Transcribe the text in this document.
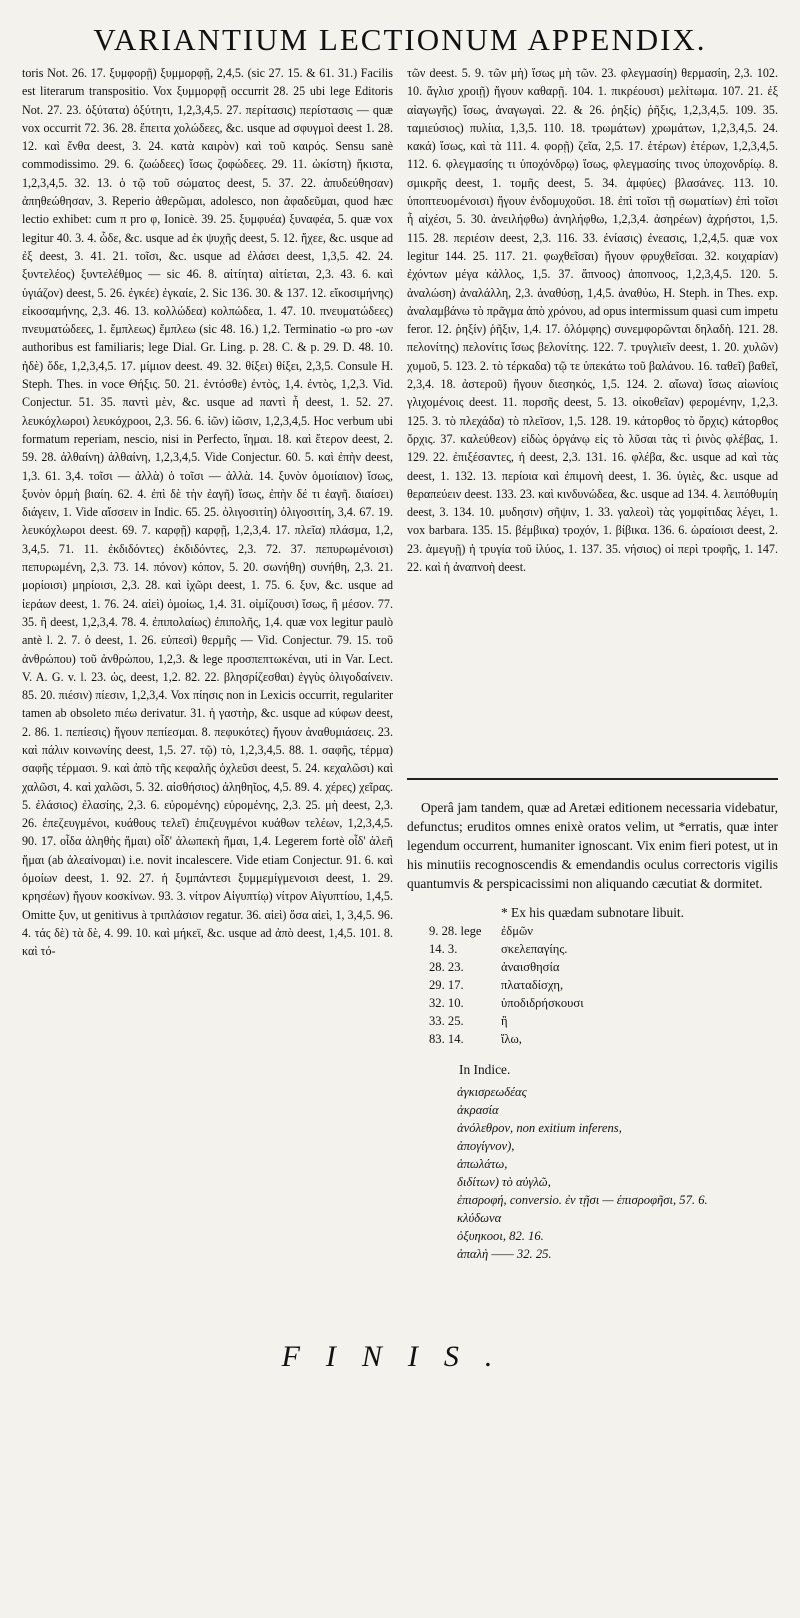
VARIANTIUM LECTIONUM APPENDIX.

toris Not. 26. 17. ξυμφορῇ) ξυμμορφῇ, 2,4,5. (sic 27. 15. & 61. 31.) Facilis est literarum transpositio. Vox ξυμμορφῇ occurrit 28. 25 ubi lege Editoris Not. 27. 23. ὀξύτατα) ὀξύτητι, 1,2,3,4,5. 27. περίτασις) περίστασις — quæ vox occurrit 72. 36. 28. ἔπειτα χολώδεες, &c. usque ad σφυγμοὶ deest 1. 28. 12. καὶ ἔνθα deest, 3. 24. κατὰ καιρὸν) καὶ τοῦ καιρός. Sensu sanè commodissimo. 29. 6. ζωώδεες) ἴσως ζοφώδεες. 29. 11. ὠκίστη) ἥκιστα, 1,2,3,4,5. 32. 13. ὁ τῷ τοῦ σώματος deest, 5. 37. 22. ἀπυδεύθησαν) ἀπηθεώθησαν, 3. Reperio ἀθερῶμαι, adolesco, non ἀφαδεῦμαι, quod hæc lectio exhibet: cum π pro φ, Ionicè. 39. 25. ξυμφυέα) ξυναφέα, 5. quæ vox legitur 40. 3. 4. ὧδε, &c. usque ad ἐκ ψυχῆς deest, 5. 12. ἤχεε, &c. usque ad ἐξ deest, 3. 41. 21. τοῖσι, &c. usque ad ἐλάσει deest, 1,3,5. 42. 24. ξυντελέος) ξυντελέθμος — sic 46. 8. αἰτίητα) αἰτίεται, 2,3. 43. 6. καὶ ὑγιάζον) deest, 5. 26. ἐγκέε) ἐγκαίε, 2. Sic 136. 30. & 137. 12. εἴκοσιμήνης) εἰκοσαμήνης, 2,3. 46. 13. κολλώδεα) κολπώδεα, 1. 47. 10. πνευματώδεες) πνευματώδεες, 1. ἔμπλεως) ἔμπλεω (sic 48. 16.) 1,2. Terminatio -ω pro -ων authoribus est familiaris; lege Dial. Gr. Ling. p. 28. C. & p. 29. D. 48. 10. ἠδὲ) ὅδε, 1,2,3,4,5. 17. μίμιον deest. 49. 32. θίξει) θίξει, 2,3,5. Consule H. Steph. Thes. in voce Θήξις. 50. 21. ἐντόσθε) ἐντὸς, 1,4. ἐντὸς, 1,2,3. Vid. Conjectur. 51. 35. παντὶ μὲν, &c. usque ad παντὶ ἦ deest, 1. 52. 27. λευκόχλωροι) λευκόχροοι, 2,3. 56. 6. ἰῶν) ἰῶσιν, 1,2,3,4,5. Hoc verbum ubi formatum reperiam, nescio, nisi in Perfecto, ἴημαι. 18. καὶ ἕτερον deest, 2. 59. 28. ἀλθαίνη) ἀλθαίνη, 1,2,3,4,5. Vide Conjectur. 60. 5. καὶ ἐπὴν deest, 1,3. 61. 3,4. τοῖσι — ἀλλὰ) ὁ τοῖσι — ἀλλὰ. 14. ξυνὸν ὁμοιίαιον) ἴσως, ξυνὸν ὁρμὴ βιαίη. 62. 4. ἐπὶ δὲ τὴν ἐαγῆ) ἴσως, ἐπὴν δέ τι ἐαγῆ. διαίσει) διάγειν, 1. Vide αἴσσειν in Indic. 65. 25. ὀλιγοσιτίη) ὀλιγοσιτίη, 3,4. 67. 19. λευκόχλωροι deest. 69. 7. καρφῇ) καρφῇ, 1,2,3,4. 17. πλεῖα) πλάσμα, 1,2, 3,4,5. 71. 11. ἐκδιδόντες) ἐκδιδόντες, 2,3. 72. 37. πεπυρωμένοισι) πεπυρωμένη, 2,3. 73. 14. πόνον) κόπον, 5. 20. σωνήθη) συνήθη, 2,3. 21. μορίοισι) μηρίοισι, 2,3. 28. καὶ ἰχῶρι deest, 1. 75. 6. ξυν, &c. usque ad ἰεράων deest, 1. 76. 24. αἰεὶ) ὁμοίως, 1,4. 31. οἰμίζουσι) ἴσως, ἢ μέσον. 77. 35. ἢ deest, 1,2,3,4. 78. 4. ἐπιπολαίως) ἐπιπολῆς, 1,4. quæ vox legitur paulò antè l. 2. 7. ὁ deest, 1. 26. εὐπεσὶ) θερμῆς — Vid. Conjectur. 79. 15. τοῦ ἀνθρώπου) τοῦ ἀνθρώπου, 1,2,3. & lege προσπεπτωκέναι, uti in Var. Lect. V. A. G. v. l. 23. ὡς, deest, 1,2. 82. 22. βλησρίζεσθαι) ἐγγὺς ὀλιγοδαίνειν. 85. 20. πιέσιν) πίεσιν, 1,2,3,4. Vox πίησις non in Lexicis occurrit, regulariter tamen ab obsoleto πιέω derivatur. 31. ἡ γαστὴρ, &c. usque ad κύφων deest, 2. 86. 1. πεπίεσις) ἤγουν πεπίεσμαι. 8. πεφυκότες) ἤγουν ἀναθυμιάσεις. 23. καὶ πάλιν κοινωνίης deest, 1,5. 27. τῷ) τὸ, 1,2,3,4,5. 88. 1. σαφῆς, τέρμα) σαφῆς τέρμασι. 9. καὶ ἀπὸ τῆς κεφαλῆς ὀχλεῦσι deest, 5. 24. κεχαλῶσι) καὶ χαλῶσι, 4. καὶ χαλῶσι, 5. 32. αἰσθήσιος) ἀληθηῖος, 4,5. 89. 4. χέρες) χεῖρας. 5. ἐλάσιος) ἐλασίης, 2,3. 6. εὐρομένης) εὑρομένης, 2,3. 25. μὴ deest, 2,3. 26. ἐπεζευγμένοι, κυάθους τελεῖ) ἐπιζευγμένοι κυάθων τελέων, 1,2,3,4,5. 90. 17. οἶδα ἀληθὴς ἥμαι) οἶδ' ἀλωπεκὴ ἥμαι, 1,4. Legerem fortè οἶδ' ἀλεῆ ἥμαι (ab ἀλεαίνομαι) i.e. novit incalescere. Vide etiam Conjectur. 91. 6. καὶ ὁμοίων deest, 1. 92. 27. ἡ ξυμπάντεσι ξυμμεμίγμενοισι deest, 1. 29. κρησέων) ἤγουν κοσκίνων. 93. 3. νίτρον Αἰγυπτίῳ) νίτρον Αἰγυπτίου, 1,4,5. Omitte ξυν, ut genitivus à τριπλάσιον regatur. 36. αἰεὶ) ὅσα αἰεὶ, 1, 3,4,5. 96. 4. τάς δὲ) τὰ δὲ, 4. 99. 10. καὶ μήκεϊ, &c. usque ad ἀπὸ deest, 1,4,5. 101. 8. καὶ τό-

τῶν deest. 5. 9. τῶν μὴ) ἴσως μὴ τῶν. 23. φλεγμασίη) θερμασίη, 2,3. 102. 10. ἄγλισ χροιῇ) ἤγουν καθαρῇ. 104. 1. πικρέουσι) μελίτωμα. 107. 21. ἐξ αἰαγωγῆς) ἴσως, ἀναγωγαὶ. 22. & 26. ῥηξίς) ῥῆξις, 1,2,3,4,5. 109. 35. ταμιεύσιος) πυλίια, 1,3,5. 110. 18. τρωμάτων) χρωμάτων, 1,2,3,4,5. 24. κακά) ἴσως, καὶ τὰ 111. 4. φορῇ) ζεῖα, 2,5. 17. ἑτέρων) ἑτέρων, 1,2,3,4,5. 112. 6. φλεγμασίης τι ὑποχόνδρῳ) ἴσως, φλεγμασίης τινος ὑποχονδρίῳ. 8. σμικρῆς deest, 1. τομῆς deest, 5. 34. ἀμφύες) βλασάνες. 113. 10. ὑποπτευομένοισι) ἤγουν ἐνδομυχοῦσι. 18. ἐπὶ τοῖσι τῇ σωματίων) ἐπὶ τοῖσι ἦ αἰχέσι, 5. 30. ἀνειλήφθω) ἀνηλήφθω, 1,2,3,4. ἀσηρέων) ἀχρήστοι, 1,5. 115. 28. περιέσιν deest, 2,3. 116. 33. ἐνίασις) ἐνεασις, 1,2,4,5. quæ vox legitur 144. 25. 117. 21. φωχθεῖσαι) ἤγουν φρυχθεῖσαι. 32. κοιχαρίαν) ἐχόντων μέγα κάλλος, 1,5. 37. ἄπνοος) ἀποπνοος, 1,2,3,4,5. 120. 5. ἀναλώση) ἀναλάλλη, 2,3. ἀναθύσῃ, 1,4,5. ἀναθύω, H. Steph. in Thes. exp. ἀναλαμβάνω τὸ πρᾶγμα ἀπὸ χρόνου, ad opus intermissum quasi cum impetu feror. 12. ῥηξίν) ῥῆξιν, 1,4. 17. ὁλόμφης) συνεμφορῶνται δηλαδὴ. 121. 28. πελονίτης) πελονίτις ἴσως βελονίτης. 122. 7. τρυγλιεῖν deest, 1. 20. χυλῶν) χυμοῦ, 5. 123. 2. τὸ τέρκαδα) τῷ τε ὑπεκάτω τοῦ βαλάνου. 16. ταθεῖ) βαθεῖ, 2,3,4. 18. ἀστεροῦ) ἤγουν διεσηκός, 1,5. 124. 2. αἴωνα) ἴσως αἰωνίοις γλιχομένοις deest. 11. πορσῆς deest, 5. 13. οἰκοθεῖαν) φερομένην, 1,2,3. 125. 3. τὸ πλεχάδα) τὸ πλεῖσον, 1,5. 128. 19. κάτορθος τὸ ὄρχις) κάτορθος ὄρχις. 37. καλεύθεον) εἰδὼς ὀργάνῳ εἰς τὸ λῦσαι τὰς τὶ ῥινὸς φλέβας, 1. 129. 22. ἐπιξέσαντες, ἡ deest, 2,3. 131. 16. φλέβα, &c. usque ad καὶ τὰς deest, 1. 132. 13. περίοια καὶ ἐπιμονὴ deest, 1. 36. ὑγιὲς, &c. usque ad θεραπεύειν deest. 133. 23. καὶ κινδυνώδεα, &c. usque ad 134. 4. λειπόθυμίη deest, 3. 134. 10. μυδησιν) σῆψιν, 1. 33. γαλεοὶ) τὰς γομφίτιδας λέγει, 1. vox barbara. 135. 15. βέμβικα) τροχόν, 1. βίβικα. 136. 6. ὡραίοισι deest, 2. 23. ἀμεγυῇ) ἡ τρυγία τοῦ ἰλύος, 1. 137. 35. νήσιος) οἱ περὶ τροφῆς, 1. 147. 22. καὶ ἡ ἀναπνοὴ deest.

Operâ jam tandem, quæ ad Aretæi editionem necessaria videbatur, defunctus; eruditos omnes enixè oratos velim, ut *erratis, quæ inter legendum occurrent, humaniter ignoscant. Vix enim fieri potest, ut in his minutiis recognoscendis & emendandis oculus correctoris vigilis quantumvis & perspicacissimi non aliquando cæcutiat & dormitet.

* Ex his quædam subnotare libuit.
9. 28. lege	ἐδμῶν
14. 3.	σκελεπαγίης.
28. 23.	ἀναισθησία
29. 17.	πλαταδίσχη,
32. 10.	ὑποδιδρήσκουσι
33. 25.	ἢ
83. 14.	ἴλω,
In Indice.
ἀγκισρεωδέας
ἀκρασία
ἀνόλεθρον, non exitium inferens,
ἀπογίγνον),
ἀπωλάτω,
διδίτων) τὸ αὐγλῶ,
ἐπισροφή, conversio. ἐν τῇσι — ἐπισροφῆσι, 57. 6.
κλύδωνα
ὀξυηκοοι, 82. 16.
ἀπαλὴ —— 32. 25.
FINIS.
